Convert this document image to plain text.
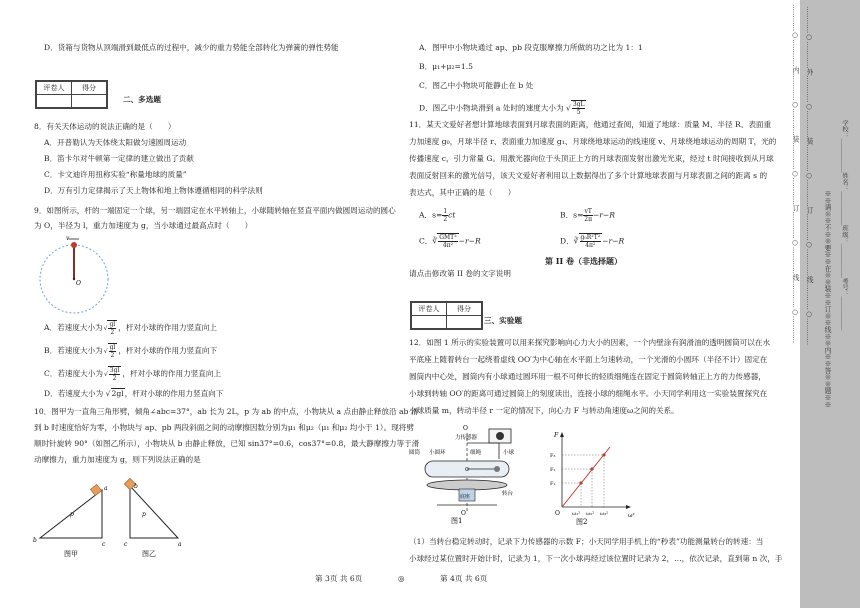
D．货箱与货物从顶端滑到最低点的过程中，减少的重力势能全部转化为弹簧的弹性势能
评卷人	得分

二、多选题
8．有关天体运动的说法正确的是（　　）
A．开普勒认为天体绕太阳做匀速圆周运动
B．笛卡尔对牛顿第一定律的建立做出了贡献
C．卡文迪许用扭称实验“称量地球的质量”
D．万有引力定律揭示了天上物体和地上物体遵循相同的科学法则
9．如图所示，杆的一端固定一个球，另一端固定在水平转轴上，小球随转轴在竖直平面内做圆周运动的圆心
为 O，半径为 l，重力加速度为 g，当小球通过最高点时（　　）
v
O
A．若速度大小为√ $\frac{gl}{2}$ ，杆对小球的作用力竖直向上
B．若速度大小为√ $\frac{gl}{2}$ ，杆对小球的作用力竖直向下
C．若速度大小为√ $\frac{3gl}{2}$ ，杆对小球的作用力竖直向上
D．若速度大小为 √2gl，杆对小球的作用力竖直向下
10．图甲为一直角三角形劈，倾角∠abc=37°，ab 长为 2L，p 为 ab 的中点，小物块从 a 点由静止释放沿 ab 滑
到 b 时速度恰好为零，小物块与 ap、pb 两段斜面之间的动摩擦因数分别为μ₁ 和μ₂（μ₁ 和μ₂ 均小于 1）。现将劈
顺时针旋转 90°（如图乙所示），小物块从 b 由静止释放，已知 sin37°=0.6，cos37°=0.8，最大静摩擦力等于滑
动摩擦力，重力加速度为 g，则下列说法正确的是
a
p
b
c
图甲
b
p
c	a
图乙
A．图甲中小物块通过 ap、pb 段克服摩擦力所做的功之比为 1：1
B．μ₁+μ₂=1.5
C．图乙中小物块可能静止在 b 处
D．图乙中小物块滑到 a 处时的速度大小为 √ $\frac{3gL}{5}$
11．某天文爱好者想计算地球表面到月球表面的距离，他通过查阅，知道了地球：质量 M、半径 R、表面重
力加速度 g₀，月球半径 r、表面重力加速度 g₁、月球绕地球运动的线速度 v、月球绕地球运动的周期 T，光的
传播速度 c，引力常量 G。用激光器向位于头顶正上方的月球表面发射出激光光束，经过 t 时间接收到从月球
表面反射回来的激光信号，该天文爱好者利用以上数据得出了多个计算地球表面与月球表面之间的距离 s 的
表达式，其中正确的是（　　）
A．$s= \frac{1}{2}$ ct	B．$s= \frac{vT}{2\pi} -r-R$
C．∛ $\frac{\text{GMT²}}{\text{4π²}} -r-R$	D．∛ $\frac{\text{g₀R²T²}}{\text{4π²}} -r-R$
第 II 卷（非选择题）
请点击修改第 II 卷的文字说明
评卷人	得分

三、实验题
12．如图 1 所示的实验装置可以用来探究影响向心力大小的因素，一个内壁涂有润滑油的透明圆筒可以在水
平底座上随着转台一起绕着虚线 OO′为中心轴在水平面上匀速转动，一个光滑的小圆环（半径不计）固定在
圆筒内中心处，圆筒内有小球通过圆环用一根不可伸长的轻质细绳连在固定于圆筒转轴正上方的力传感器，
小球到转轴 OO′的距离可通过圆筒上的刻度读出，连接小球的细绳水平。小天同学利用这一实验装置探究在
小球质量 m，转动半径 r 一定的情况下，向心力 F 与转动角速度ω之间的关系。
O
力传感器
圆筒 小圆环	细绳	小球
转台
底座
O
图1
F
ω²
O
F₃
F₂
F₁
ω₁² ω₂² ω₃²
图2
（1）当转台稳定转动时，记录下力传感器的示数 F；小天同学用手机上的“秒表”功能测量转台的转速：当
小球经过某位置时开始计时，记录为 1，下一次小球再经过该位置时记录为 2，…，依次记录，直到第 n 次，手
第 3页 共 6页	◎	第 4页 共 6页
…………○…………内…………○…………装…………○…………订…………○…………线…………○………… …………○…………外…………○…………装…………○…………订…………○…………线…………○………… ※※请※※不※※要※※在※※装※※订※※线※※内※※答※※题※※ 学校：___________姓名：___________班级：___________考号：___________
